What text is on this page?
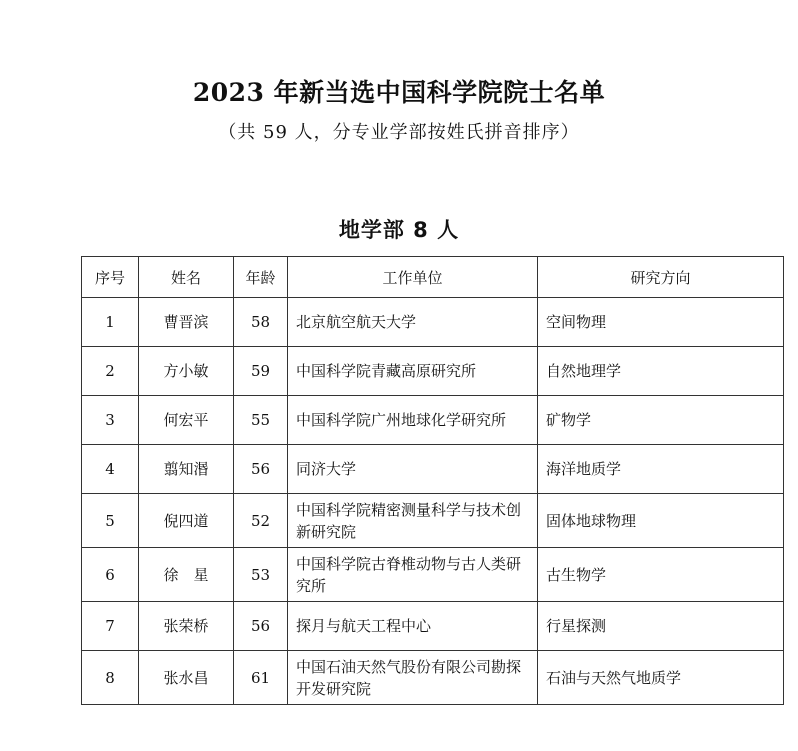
2023 年新当选中国科学院院士名单
（共 59 人，分专业学部按姓氏拼音排序）
地学部 8 人
序号	姓名	年龄	工作单位	研究方向
1	曹晋滨	58	北京航空航天大学	空间物理
2	方小敏	59	中国科学院青藏高原研究所	自然地理学
3	何宏平	55	中国科学院广州地球化学研究所	矿物学
4	翦知湣	56	同济大学	海洋地质学
5	倪四道	52	中国科学院精密测量科学与技术创新研究院	固体地球物理
6	徐　星	53	中国科学院古脊椎动物与古人类研究所	古生物学
7	张荣桥	56	探月与航天工程中心	行星探测
8	张水昌	61	中国石油天然气股份有限公司勘探开发研究院	石油与天然气地质学
